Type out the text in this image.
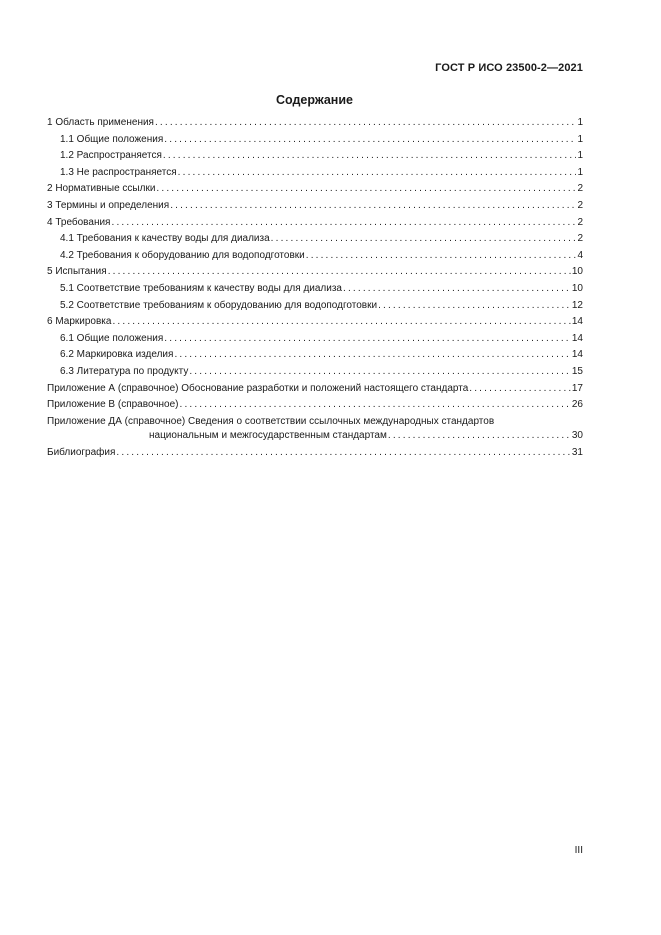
ГОСТ Р ИСО 23500-2—2021
Содержание
1 Область применения . . .	1
1.1 Общие положения . . .	1
1.2 Распространяется . . .	1
1.3 Не распространяется . . .	1
2 Нормативные ссылки . . .	2
3 Термины и определения . . .	2
4 Требования . . .	2
4.1 Требования к качеству воды для диализа . . .	2
4.2 Требования к оборудованию для водоподготовки . . .	4
5 Испытания . . .	10
5.1 Соответствие требованиям к качеству воды для диализа . . .	10
5.2 Соответствие требованиям к оборудованию для водоподготовки . . .	12
6 Маркировка . . .	14
6.1 Общие положения . . .	14
6.2 Маркировка изделия . . .	14
6.3 Литература по продукту . . .	15
Приложение А (справочное) Обоснование разработки и положений настоящего стандарта . . .	17
Приложение В (справочное) . . .	26
Приложение ДА (справочное) Сведения о соответствии ссылочных международных стандартов
национальным и межгосударственным стандартам . . .	30
Библиография . . .	31
III
